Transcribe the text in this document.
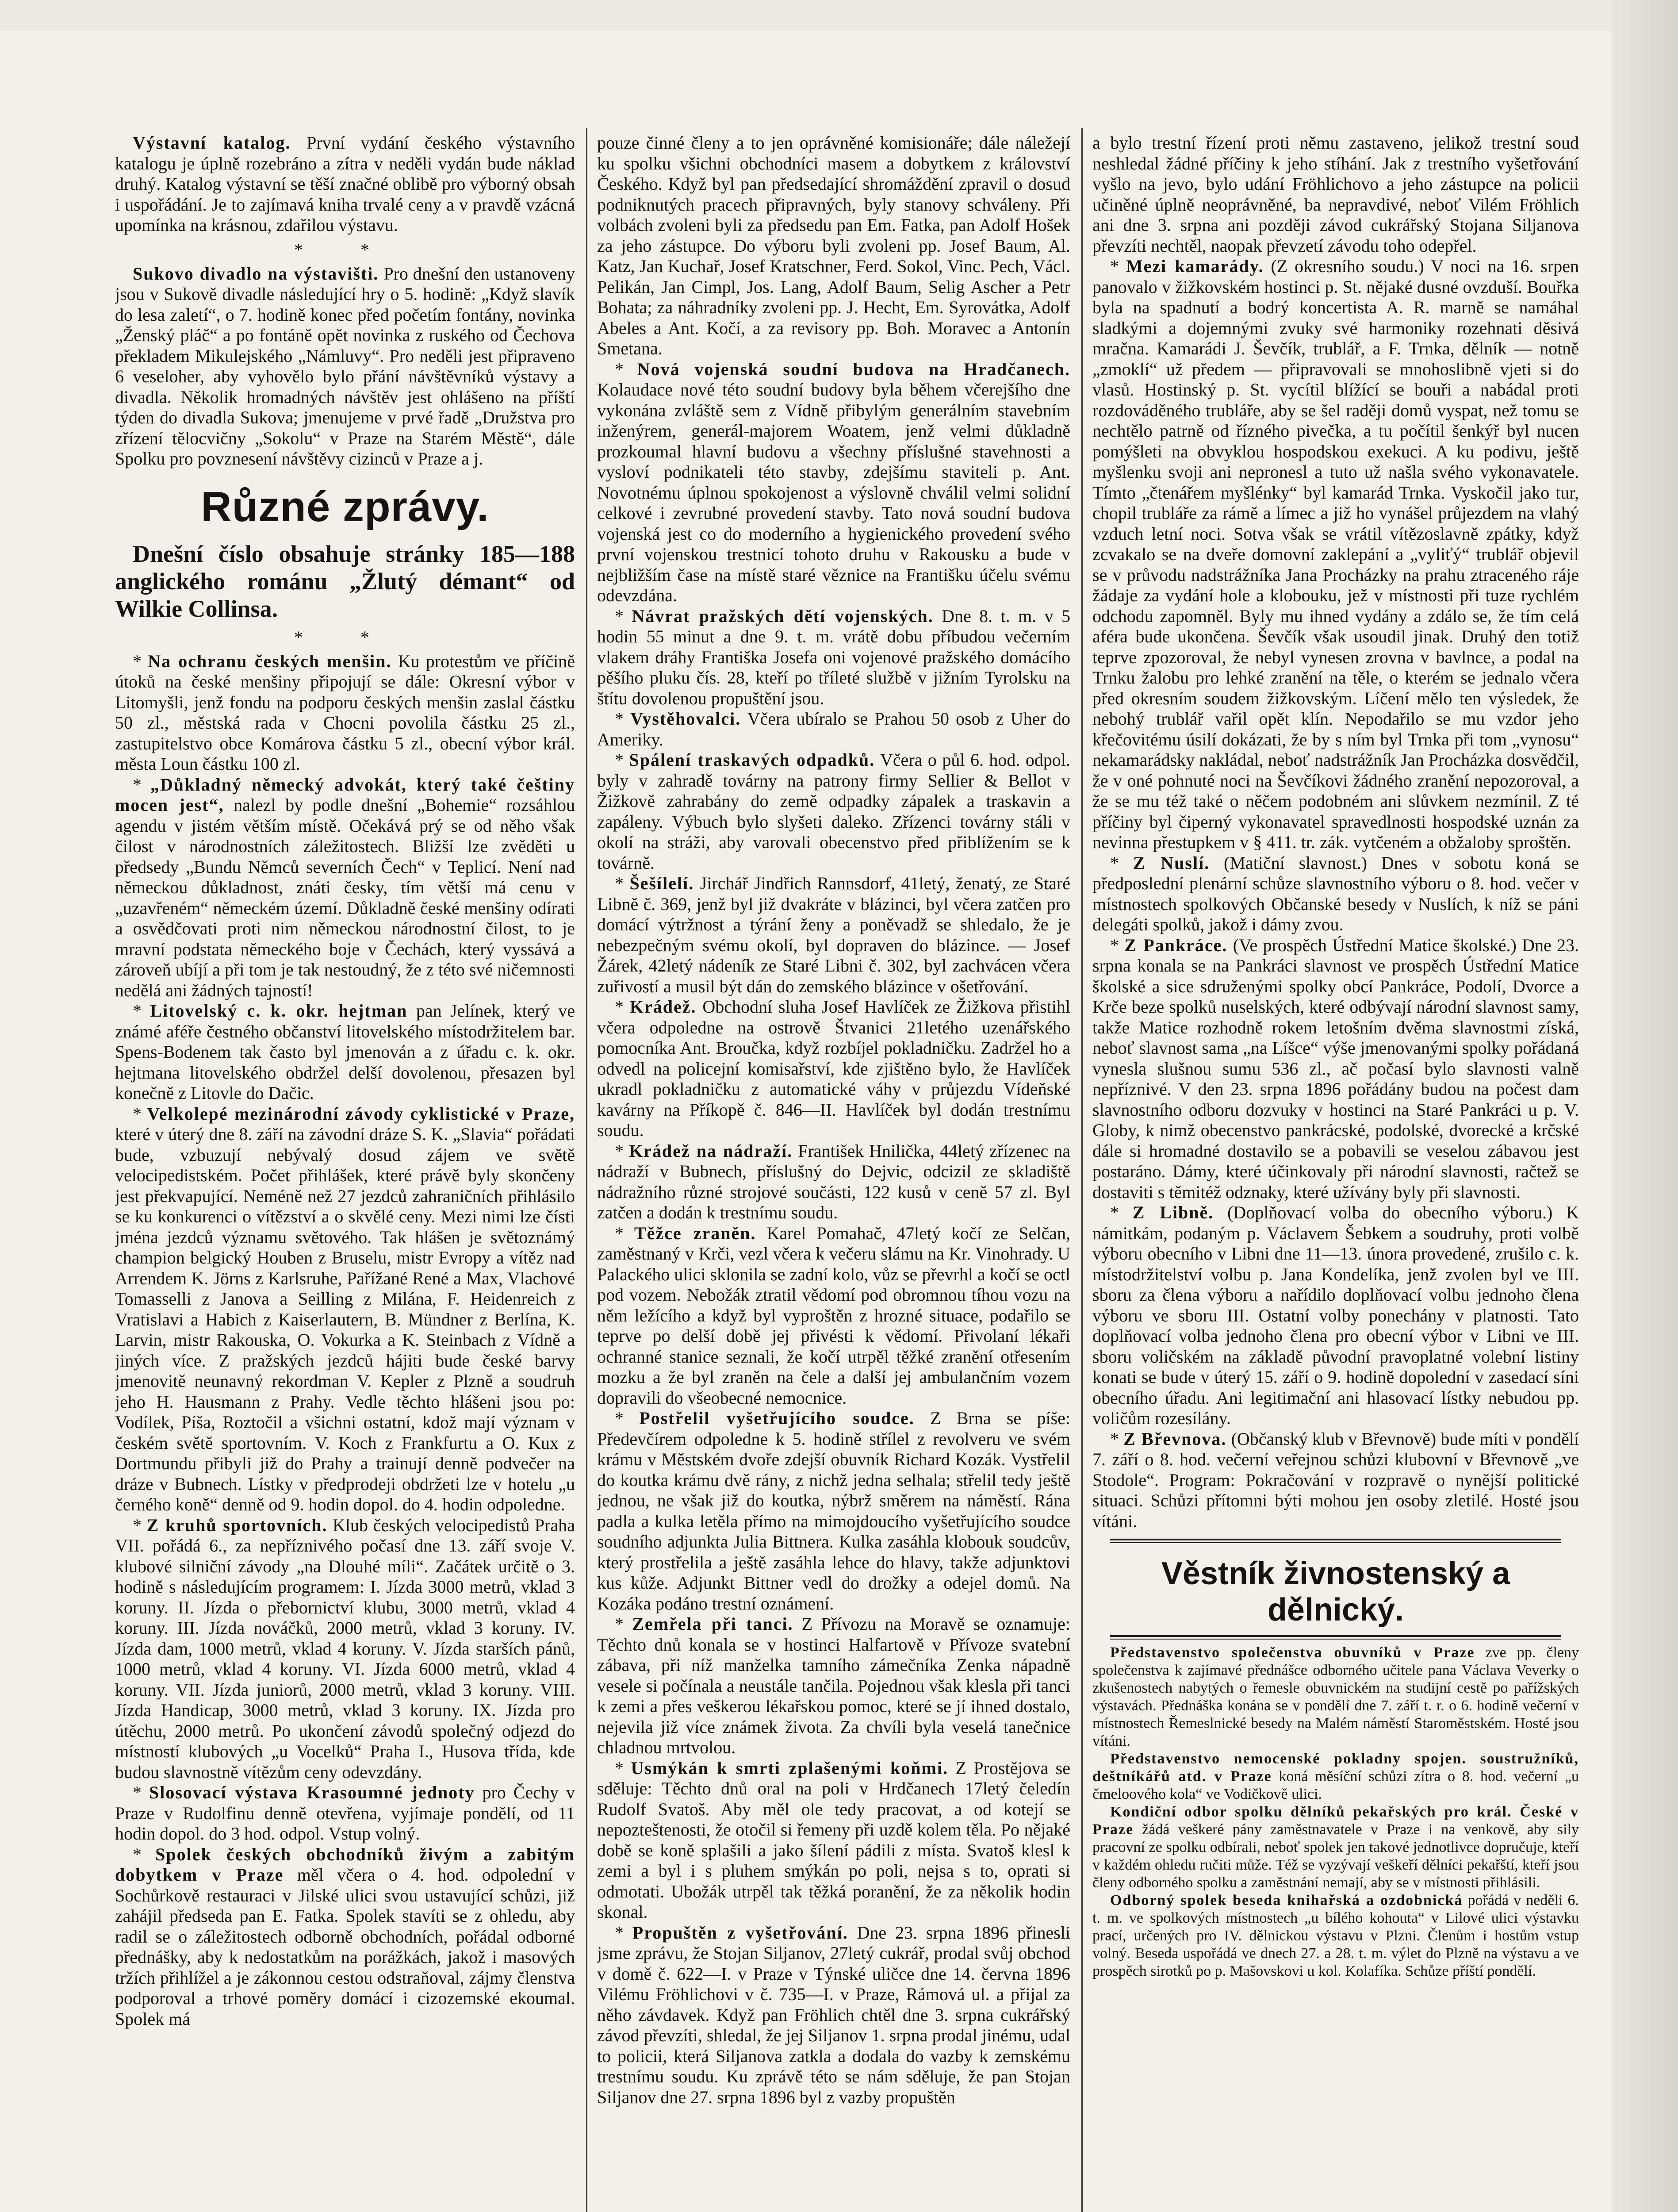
Výstavní katalog. První vydání českého výstavního katalogu je úplně rozebráno a zítra v neděli vydán bude náklad druhý. Katalog výstavní se těší značné oblibě pro výborný obsah i uspořádání. Je to zajímavá kniha trvalé ceny a v pravdě vzácná upomínka na krásnou, zdařilou výstavu.

* *

Sukovo divadlo na výstavišti. Pro dnešní den ustanoveny jsou v Sukově divadle následující hry o 5. hodině: „Když slavík do lesa zaletí“, o 7. hodině konec před početím fontány, novinka „Ženský pláč“ a po fontáně opět novinka z ruského od Čechova překladem Mikulejského „Námluvy“. Pro neděli jest připraveno 6 veseloher, aby vyhovělo bylo přání návštěvníků výstavy a divadla. Několik hromadných návštěv jest ohlášeno na příští týden do divadla Sukova; jmenujeme v prvé řadě „Družstva pro zřízení tělocvičny „Sokolu“ v Praze na Starém Městě“, dále Spolku pro povznesení návštěvy cizinců v Praze a j.

Různé zprávy.

Dnešní číslo obsahuje stránky 185—188 anglického románu „Žlutý démant“ od Wilkie Collinsa.

* *

* Na ochranu českých menšin. Ku protestům ve příčině útoků na české menšiny připojují se dále: Okresní výbor v Litomyšli, jenž fondu na podporu českých menšin zaslal částku 50 zl., městská rada v Chocni povolila částku 25 zl., zastupitelstvo obce Komárova částku 5 zl., obecní výbor král. města Loun částku 100 zl.

* „Důkladný německý advokát, který také češtiny mocen jest“, nalezl by podle dnešní „Bohemie“ rozsáhlou agendu v jistém větším místě. Očekává prý se od něho však čilost v národnostních záležitostech. Bližší lze zvěděti u předsedy „Bundu Němců severních Čech“ v Teplicí. Není nad německou důkladnost, znáti česky, tím větší má cenu v „uzavřeném“ německém území. Důkladně české menšiny odírati a osvědčovati proti nim německou národnostní čilost, to je mravní podstata německého boje v Čechách, který vyssává a zároveň ubíjí a při tom je tak nestoudný, že z této své ničemnosti nedělá ani žádných tajností!

* Litovelský c. k. okr. hejtman pan Jelínek, který ve známé aféře čestného občanství litovelského místodržitelem bar. Spens-Bodenem tak často byl jmenován a z úřadu c. k. okr. hejtmana litovelského obdržel delší dovolenou, přesazen byl konečně z Litovle do Dačic.

* Velkolepé mezinárodní závody cyklistické v Praze, které v úterý dne 8. září na závodní dráze S. K. „Slavia“ pořádati bude, vzbuzují nebývalý dosud zájem ve světě velocipedistském. Počet přihlášek, které právě byly skončeny jest překvapující. Neméně než 27 jezdců zahraničních přihlásilo se ku konkurenci o vítězství a o skvělé ceny. Mezi nimi lze čísti jména jezdců významu světového. Tak hlášen je světoznámý champion belgický Houben z Bruselu, mistr Evropy a vítěz nad Arrendem K. Jörns z Karlsruhe, Pařížané René a Max, Vlachové Tomasselli z Janova a Seilling z Milána, F. Heidenreich z Vratislavi a Habich z Kaiserlautern, B. Mündner z Berlína, K. Larvin, mistr Rakouska, O. Vokurka a K. Steinbach z Vídně a jiných více. Z pražských jezdců hájiti bude české barvy jmenovitě neunavný rekordman V. Kepler z Plzně a soudruh jeho H. Hausmann z Prahy. Vedle těchto hlášeni jsou po: Vodílek, Píša, Roztočil a všichni ostatní, kdož mají význam v českém světě sportovním. V. Koch z Frankfurtu a O. Kux z Dortmundu přibyli již do Prahy a trainují denně podvečer na dráze v Bubnech. Lístky v předprodeji obdržeti lze v hotelu „u černého koně“ denně od 9. hodin dopol. do 4. hodin odpoledne.

* Z kruhů sportovních. Klub českých velocipedistů Praha VII. pořádá 6., za nepříznivého počasí dne 13. září svoje V. klubové silniční závody „na Dlouhé míli“. Začátek určitě o 3. hodině s následujícím programem: I. Jízda 3000 metrů, vklad 3 koruny. II. Jízda o přebornictví klubu, 3000 metrů, vklad 4 koruny. III. Jízda nováčků, 2000 metrů, vklad 3 koruny. IV. Jízda dam, 1000 metrů, vklad 4 koruny. V. Jízda starších pánů, 1000 metrů, vklad 4 koruny. VI. Jízda 6000 metrů, vklad 4 koruny. VII. Jízda juniorů, 2000 metrů, vklad 3 koruny. VIII. Jízda Handicap, 3000 metrů, vklad 3 koruny. IX. Jízda pro útěchu, 2000 metrů. Po ukončení závodů společný odjezd do místností klubových „u Vocelků“ Praha I., Husova třída, kde budou slavnostně vítězům ceny odevzdány.

* Slosovací výstava Krasoumné jednoty pro Čechy v Praze v Rudolfinu denně otevřena, vyjímaje pondělí, od 11 hodin dopol. do 3 hod. odpol. Vstup volný.

* Spolek českých obchodníků živým a zabitým dobytkem v Praze měl včera o 4. hod. odpolední v Sochůrkově restauraci v Jilské ulici svou ustavující schůzi, již zahájil předseda pan E. Fatka. Spolek stavíti se z ohledu, aby radil se o záležitostech odborně obchodních, pořádal odborné přednášky, aby k nedostatkům na porážkách, jakož i masových tržích přihlížel a je zákonnou cestou odstraňoval, zájmy členstva podporoval a trhové poměry domácí i cizozemské ekoumal. Spolek má

pouze činné členy a to jen oprávněné komisionáře; dále náležejí ku spolku všichni obchodníci masem a dobytkem z království Českého. Když byl pan předsedající shromáždění zpravil o dosud podniknutých pracech připravných, byly stanovy schváleny. Při volbách zvoleni byli za předsedu pan Em. Fatka, pan Adolf Hošek za jeho zástupce. Do výboru byli zvoleni pp. Josef Baum, Al. Katz, Jan Kuchař, Josef Kratschner, Ferd. Sokol, Vinc. Pech, Václ. Pelikán, Jan Cimpl, Jos. Lang, Adolf Baum, Selig Ascher a Petr Bohata; za náhradníky zvoleni pp. J. Hecht, Em. Syrovátka, Adolf Abeles a Ant. Kočí, a za revisory pp. Boh. Moravec a Antonín Smetana.

* Nová vojenská soudní budova na Hradčanech. Kolaudace nové této soudní budovy byla během včerejšího dne vykonána zvláště sem z Vídně přibylým generálním stavebním inženýrem, generál-majorem Woatem, jenž velmi důkladně prozkoumal hlavní budovu a všechny příslušné stavehnosti a vysloví podnikateli této stavby, zdejšímu staviteli p. Ant. Novotnému úplnou spokojenost a výslovně chválil velmi solidní celkové i zevrubné provedení stavby. Tato nová soudní budova vojenská jest co do moderního a hygienického provedení svého první vojenskou trestnicí tohoto druhu v Rakousku a bude v nejbližším čase na místě staré věznice na Františku účelu svému odevzdána.

* Návrat pražských dětí vojenských. Dne 8. t. m. v 5 hodin 55 minut a dne 9. t. m. vrátě dobu příbudou večerním vlakem dráhy Františka Josefa oni vojenové pražského domácího pěšího pluku čís. 28, kteří po tříleté službě v jižním Tyrolsku na štítu dovolenou propuštění jsou.

* Vystěhovalci. Včera ubíralo se Prahou 50 osob z Uher do Ameriky.

* Spálení traskavých odpadků. Včera o půl 6. hod. odpol. byly v zahradě továrny na patrony firmy Sellier & Bellot v Žižkově zahrabány do země odpadky zápalek a traskavin a zapáleny. Výbuch bylo slyšeti daleko. Zřízenci továrny stáli v okolí na stráži, aby varovali obecenstvo před přiblížením se k továrně.

* Šešílelí. Jirchář Jindřich Rannsdorf, 41letý, ženatý, ze Staré Libně č. 369, jenž byl již dvakráte v blázinci, byl včera zatčen pro domácí výtržnost a týrání ženy a poněvadž se shledalo, že je nebezpečným svému okolí, byl dopraven do blázince. — Josef Žárek, 42letý nádeník ze Staré Libni č. 302, byl zachvácen včera zuřivostí a musil být dán do zemského blázince v ošetřování.

* Krádež. Obchodní sluha Josef Havlíček ze Žižkova přistihl včera odpoledne na ostrově Štvanici 21letého uzenářského pomocníka Ant. Broučka, když rozbíjel pokladničku. Zadržel ho a odvedl na policejní komisařství, kde zjištěno bylo, že Havlíček ukradl pokladničku z automatické váhy v průjezdu Vídeňské kavárny na Příkopě č. 846—II. Havlíček byl dodán trestnímu soudu.

* Krádež na nádraží. František Hnilička, 44letý zřízenec na nádraží v Bubnech, příslušný do Dejvic, odcizil ze skladiště nádražního různé strojové součásti, 122 kusů v ceně 57 zl. Byl zatčen a dodán k trestnímu soudu.

* Těžce zraněn. Karel Pomahač, 47letý kočí ze Selčan, zaměstnaný v Krči, vezl včera k večeru slámu na Kr. Vinohrady. U Palackého ulici sklonila se zadní kolo, vůz se převrhl a kočí se octl pod vozem. Nebožák ztratil vědomí pod obromnou tíhou vozu na něm ležícího a když byl vyproštěn z hrozné situace, podařilo se teprve po delší době jej přivésti k vědomí. Přivolaní lékaři ochranné stanice seznali, že kočí utrpěl těžké zranění otřesením mozku a že byl zraněn na čele a další jej ambulančním vozem dopravili do všeobecné nemocnice.

* Postřelil vyšetřujícího soudce. Z Brna se píše: Předevčírem odpoledne k 5. hodině střílel z revolveru ve svém krámu v Městském dvoře zdejší obuvník Richard Kozák. Vystřelil do koutka krámu dvě rány, z nichž jedna selhala; střelil tedy ještě jednou, ne však již do koutka, nýbrž směrem na náměstí. Rána padla a kulka letěla přímo na mimojdoucího vyšetřujícího soudce soudního adjunkta Julia Bittnera. Kulka zasáhla klobouk soudcův, který prostřelila a ještě zasáhla lehce do hlavy, takže adjunktovi kus kůže. Adjunkt Bittner vedl do drožky a odejel domů. Na Kozáka podáno trestní oznámení.

* Zemřela při tanci. Z Přívozu na Moravě se oznamuje: Těchto dnů konala se v hostinci Halfartově v Přívoze svatební zábava, při níž manželka tamního zámečníka Zenka nápadně vesele si počínala a neustále tančila. Pojednou však klesla při tanci k zemi a přes veškerou lékařskou pomoc, které se jí ihned dostalo, nejevila již více známek života. Za chvíli byla veselá tanečnice chladnou mrtvolou.

* Usmýkán k smrti zplašenými koňmi. Z Prostějova se sděluje: Těchto dnů oral na poli v Hrdčanech 17letý čeledín Rudolf Svatoš. Aby měl ole tedy pracovat, a od kotejí se nepozteštenosti, že otočil si řemeny při uzdě kolem těla. Po nějaké době se koně splašili a jako šílení pádili z místa. Svatoš klesl k zemi a byl i s pluhem smýkán po poli, nejsa s to, oprati si odmotati. Ubožák utrpěl tak těžká poranění, že za několik hodin skonal.

* Propuštěn z vyšetřování. Dne 23. srpna 1896 přinesli jsme zprávu, že Stojan Siljanov, 27letý cukrář, prodal svůj obchod v domě č. 622—I. v Praze v Týnské uličce dne 14. června 1896 Vilému Fröhlichovi v č. 735—I. v Praze, Rámová ul. a přijal za něho závdavek. Když pan Fröhlich chtěl dne 3. srpna cukrářský závod převzíti, shledal, že jej Siljanov 1. srpna prodal jinému, udal to policii, která Siljanova zatkla a dodala do vazby k zemskému trestnímu soudu. Ku zprávě této se nám sděluje, že pan Stojan Siljanov dne 27. srpna 1896 byl z vazby propuštěn

a bylo trestní řízení proti němu zastaveno, jelikož trestní soud neshledal žádné příčiny k jeho stíhání. Jak z trestního vyšetřování vyšlo na jevo, bylo udání Fröhlichovo a jeho zástupce na policii učiněné úplně neoprávněné, ba nepravdivé, neboť Vilém Fröhlich ani dne 3. srpna ani později závod cukrářský Stojana Siljanova převzíti nechtěl, naopak převzetí závodu toho odepřel.

* Mezi kamarády. (Z okresního soudu.) V noci na 16. srpen panovalo v žižkovském hostinci p. St. nějaké dusné ovzduší. Bouřka byla na spadnutí a bodrý koncertista A. R. marně se namáhal sladkými a dojemnými zvuky své harmoniky rozehnati děsivá mračna. Kamarádi J. Ševčík, trublář, a F. Trnka, dělník — notně „zmoklí“ už předem — připravovali se mnohoslibně vjeti si do vlasů. Hostinský p. St. vycítil blížící se bouři a nabádal proti rozdováděného trubláře, aby se šel raději domů vyspat, než tomu se nechtělo patrně od řízného pivečka, a tu počítil šenkýř byl nucen pomýšleti na obvyklou hospodskou exekuci. A ku podivu, ještě myšlenku svoji ani nepronesl a tuto už našla svého vykonavatele. Tímto „čtenářem myšlénky“ byl kamarád Trnka. Vyskočil jako tur, chopil trubláře za rámě a límec a již ho vynášel průjezdem na vlahý vzduch letní noci. Sotva však se vrátil vítězoslavně zpátky, když zcvakalo se na dveře domovní zaklepání a „vyliťý“ trublář objevil se v průvodu nadstrážníka Jana Procházky na prahu ztraceného ráje žádaje za vydání hole a klobouku, jež v místnosti při tuze rychlém odchodu zapomněl. Byly mu ihned vydány a zdálo se, že tím celá aféra bude ukončena. Ševčík však usoudil jinak. Druhý den totiž teprve zpozoroval, že nebyl vynesen zrovna v bavlnce, a podal na Trnku žalobu pro lehké zranění na těle, o kterém se jednalo včera před okresním soudem žižkovským. Líčení mělo ten výsledek, že nebohý trublář vařil opět klín. Nepodařilo se mu vzdor jeho křečovitému úsilí dokázati, že by s ním byl Trnka při tom „vynosu“ nekamarádsky nakládal, neboť nadstrážník Jan Procházka dosvědčil, že v oné pohnuté noci na Ševčíkovi žádného zranění nepozoroval, a že se mu též také o něčem podobném ani slůvkem nezmínil. Z té příčiny byl čiperný vykonavatel spravedlnosti hospodské uznán za nevinna přestupkem v § 411. tr. zák. vytčeném a obžaloby sproštěn.

* Z Nuslí. (Matiční slavnost.) Dnes v sobotu koná se předposlední plenární schůze slavnostního výboru o 8. hod. večer v místnostech spolkových Občanské besedy v Nuslích, k níž se páni delegáti spolků, jakož i dámy zvou.

* Z Pankráce. (Ve prospěch Ústřední Matice školské.) Dne 23. srpna konala se na Pankráci slavnost ve prospěch Ústřední Matice školské a sice sdruženými spolky obcí Pankráce, Podolí, Dvorce a Krče beze spolků nuselských, které odbývají národní slavnost samy, takže Matice rozhodně rokem letošním dvěma slavnostmi získá, neboť slavnost sama „na Líšce“ výše jmenovanými spolky pořádaná vynesla slušnou sumu 536 zl., ač počasí bylo slavnosti valně nepříznivé. V den 23. srpna 1896 pořádány budou na počest dam slavnostního odboru dozvuky v hostinci na Staré Pankráci u p. V. Globy, k nimž obecenstvo pankrácské, podolské, dvorecké a krčské dále si hromadné dostavilo se a pobavili se veselou zábavou jest postaráno. Dámy, které účinkovaly při národní slavnosti, račtež se dostaviti s těmitéž odznaky, které užívány byly při slavnosti.

* Z Libně. (Doplňovací volba do obecního výboru.) K námitkám, podaným p. Václavem Šebkem a soudruhy, proti volbě výboru obecního v Libni dne 11—13. února provedené, zrušilo c. k. místodržitelství volbu p. Jana Kondelíka, jenž zvolen byl ve III. sboru za člena výboru a nařídilo doplňovací volbu jednoho člena výboru ve sboru III. Ostatní volby ponechány v platnosti. Tato doplňovací volba jednoho člena pro obecní výbor v Libni ve III. sboru voličském na základě původní pravoplatné volební listiny konati se bude v úterý 15. září o 9. hodině dopolední v zasedací síni obecního úřadu. Ani legitimační ani hlasovací lístky nebudou pp. voličům rozesílány.

* Z Břevnova. (Občanský klub v Břevnově) bude míti v pondělí 7. září o 8. hod. večerní veřejnou schůzi klubovní v Břevnově „ve Stodole“. Program: Pokračování v rozpravě o nynější politické situaci. Schůzi přítomni býti mohou jen osoby zletilé. Hosté jsou vítáni.

Věstník živnostenský a dělnický.

Představenstvo společenstva obuvníků v Praze zve pp. členy společenstva k zajímavé přednášce odborného učitele pana Václava Veverky o zkušenostech nabytých o řemesle obuvnickém na studijní cestě po pařížských výstavách. Přednáška konána se v pondělí dne 7. září t. r. o 6. hodině večerní v místnostech Řemeslnické besedy na Malém náměstí Staroměstském. Hosté jsou vítáni.

Představenstvo nemocenské pokladny spojen. soustružníků, deštníkářů atd. v Praze koná měsíční schůzi zítra o 8. hod. večerní „u čmeloového kola“ ve Vodičkově ulici.

Kondiční odbor spolku dělníků pekařských pro král. České v Praze žádá veškeré pány zaměstnavatele v Praze i na venkově, aby sily pracovní ze spolku odbírali, neboť spolek jen takové jednotlivce dopručuje, kteří v každém ohledu ručiti může. Též se vyzývají veškeří dělníci pekařští, kteří jsou členy odborného spolku a zaměstnání nemají, aby se v místnosti přihlásili.

Odborný spolek beseda knihařská a ozdobnická pořádá v neděli 6. t. m. ve spolkových místnostech „u bílého kohouta“ v Lilové ulici výstavku prací, určených pro IV. dělnickou výstavu v Plzni. Členům i hostům vstup volný. Beseda uspořádá ve dnech 27. a 28. t. m. výlet do Plzně na výstavu a ve prospěch sirotků po p. Mašovskovi u kol. Kolafíka. Schůze příští pondělí.
